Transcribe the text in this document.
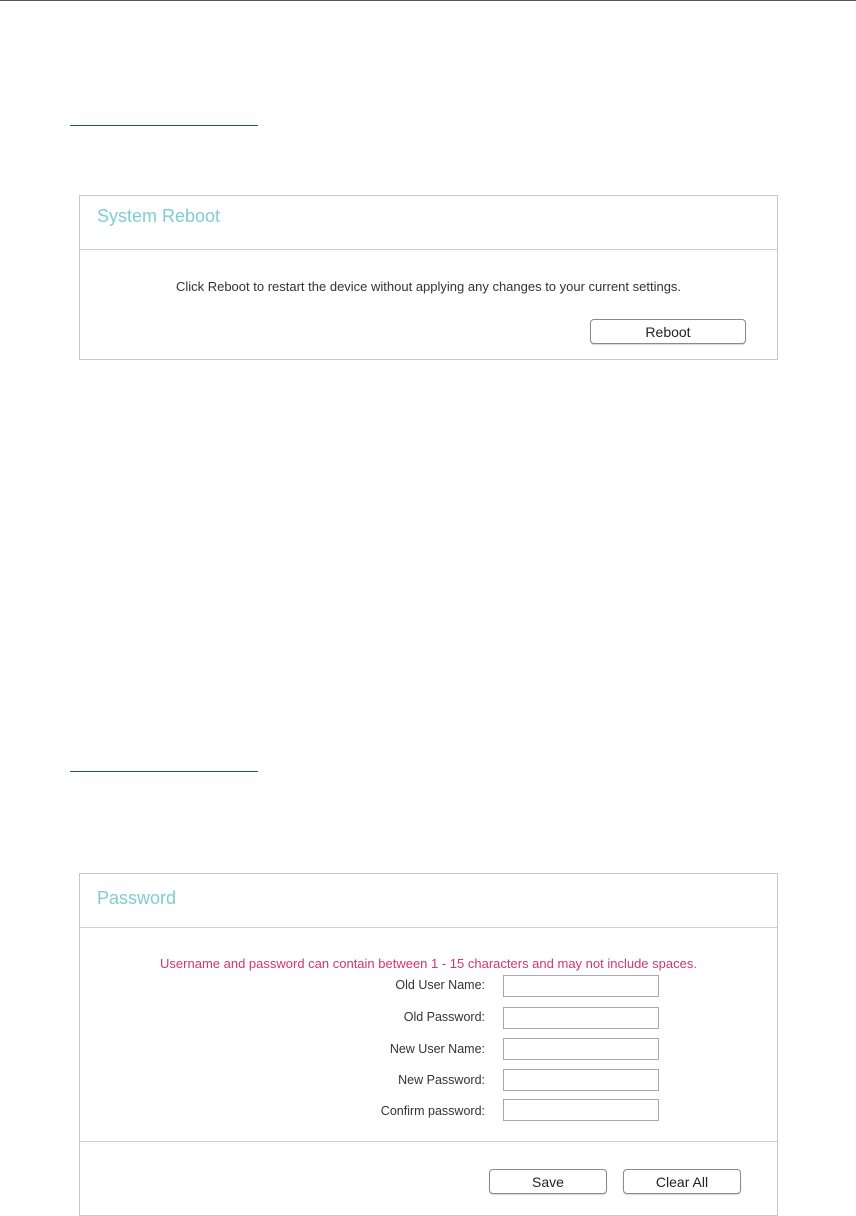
System Reboot
Click Reboot to restart the device without applying any changes to your current settings.
Reboot
Password
Username and password can contain between 1 - 15 characters and may not include spaces.
Old User Name:
Old Password:
New User Name:
New Password:
Confirm password:
Save	Clear All
